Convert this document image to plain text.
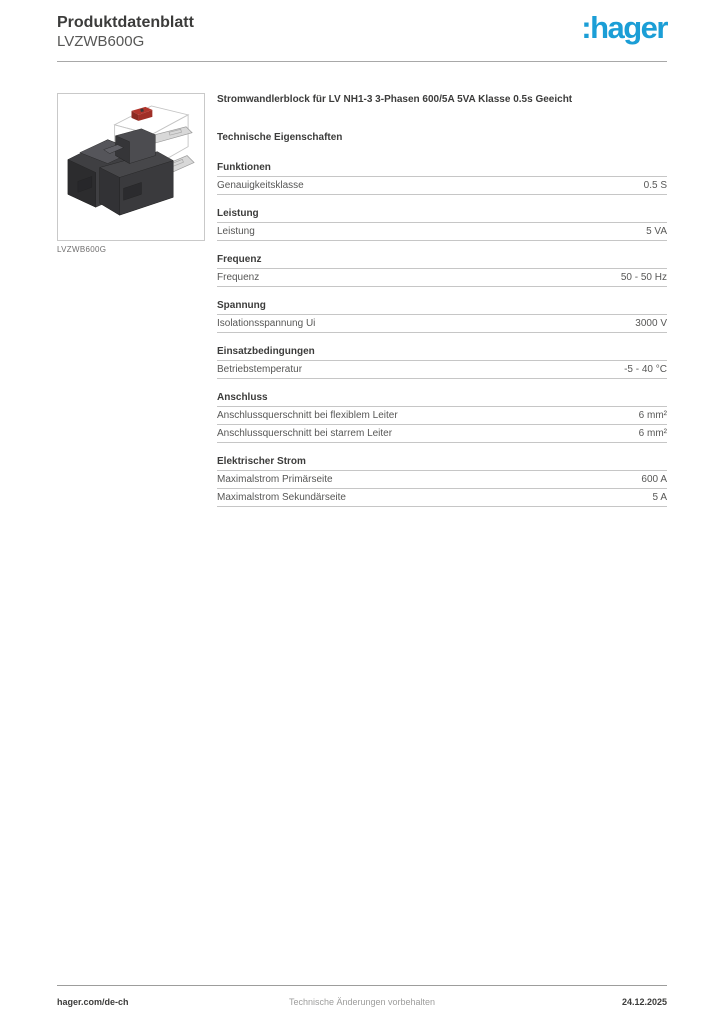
Produktdatenblatt
LVZWB600G	:hager
LVZWB600G
Stromwandlerblock für LV NH1-3 3-Phasen 600/5A 5VA Klasse 0.5s Geeicht
Technische Eigenschaften
Funktionen
Genauigkeitsklasse	0.5 S
Leistung
Leistung	5 VA
Frequenz
Frequenz	50 - 50 Hz
Spannung
Isolationsspannung Ui	3000 V
Einsatzbedingungen
Betriebstemperatur	-5 - 40 °C
Anschluss
Anschlussquerschnitt bei flexiblem Leiter	6 mm²
Anschlussquerschnitt bei starrem Leiter	6 mm²
Elektrischer Strom
Maximalstrom Primärseite	600 A
Maximalstrom Sekundärseite	5 A
hager.com/de-ch	Technische Änderungen vorbehalten	24.12.2025
